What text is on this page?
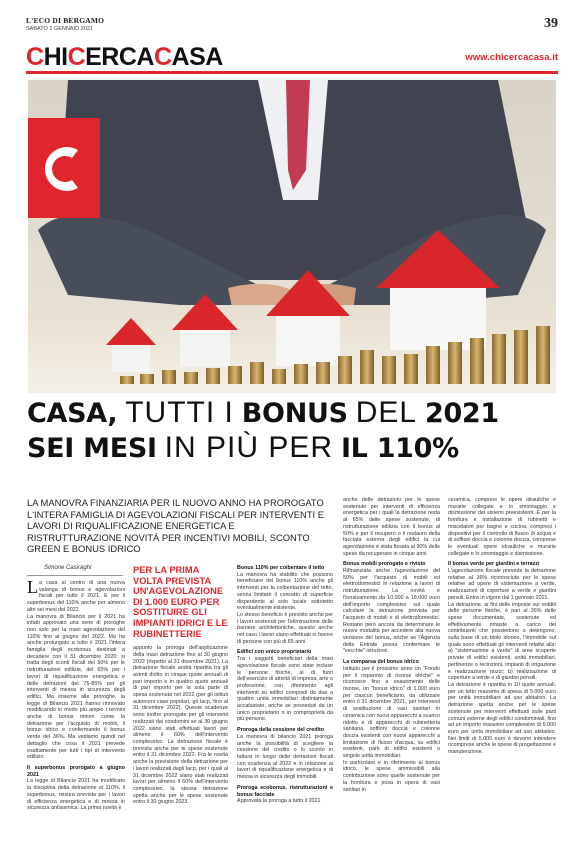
L'ECO DI BERGAMO
SABATO 2 GENNAIO 2021	39
CHICERCACASA	www.chicercacasa.it
CASA, TUTTI I BONUS DEL 2021
SEI MESI IN PIÙ PER IL 110%
LA MANOVRA FINANZIARIA PER IL NUOVO ANNO HA PROROGATO L'INTERA FAMIGLIA DI AGEVOLAZIONI FISCALI PER INTERVENTI E LAVORI DI RIQUALIFICAZIONE ENERGETICA E RISTRUTTURAZIONE NOVITÀ PER INCENTIVI MOBILI, SCONTO GREEN E BONUS IDRICO
Simone Casiraghi

La casa al centro di una nuova valanga di bonus e agevolazioni fiscali per tutto il 2021. E per il superbonus del 110% anche per almeno altri sei mesi del 2022.

La manovra di Bilancio per il 2021 ha infatti approvato una serie di proroghe non solo per la maxi agevolazione del 110% fino al giugno del 2022. Ma ha anche prolungato a tutto il 2021 l'intera famiglia degli ecobonus destinati a decadere con il 31 dicembre 2020: si tratta degli sconti fiscali del 50% per le ristrutturazioni edilizie, del 65% per i lavori di riqualificazione energetica e delle detrazioni del 75-85% per gli interventi di messa in sicurezza degli edifici. Ma insieme alle proroghe, la legge di Bilancio 2021 hanno rinnovato modificando in modo più ampio i termini anche di bonus minori come la detrazione per l'acquisto di mobili, il bonus idrico e confermando il bonus verde del 36%. Ma vediamo quindi nel dettaglio che cosa il 2021 prevede esattamente per tutti i tipi di intervento edilizio.

Il superbonus prorogato a giugno 2021

La legge di Bilancio 2021 ha modificato la disciplina della detrazione al 110%, il superbonus, misura prevista per i lavori di efficienza energetica e di messa in sicurezza antisismica. La prima novità è

PER LA PRIMA VOLTA PREVISTA UN'AGEVOLAZIONE DI 1.000 EURO PER SOSTITUIRE GLI IMPIANTI IDRICI E LE RUBINETTERIE

appunto la proroga dell'applicazione della maxi detrazione fino al 30 giugno 2022 (rispetto al 31 dicembre 2021). La detrazione fiscale andrà ripartita tra gli aventi diritto in cinque quote annuali di pari importo e in quattro quote annuali di pari importo per la sola parte di spesa sostenuta nel 2022 (per gli istituti autonomi case popolari, gli Iacp, fino al 31 dicembre 2022). Queste scadenze sono inoltre prorogate per gli interventi realizzati dai condomini se al 30 giugno 2022 siano stati effettuati lavori per almeno il 60% dell'intervento complessivo. La detrazione fiscale è prevista anche per le spese sostenute entro il 31 dicembre 2022. Fra le novità anche la previsione della detrazione per i lavori realizzati dagli Iacp, per i quali al 31 dicembre 2022 siano stati realizzati lavori per almeno il 60% dell'intervento complessivo, la stessa detrazione spetta anche per le spese sostenute entro il 30 giugno 2023.

Bonus 110% per coibentare il tetto

La manovra ha stabilito che possono beneficiare del bonus 110% anche gli interventi per la coibentazione del tetto, senza limitare il concetto di superficie disperdente al solo locale sottotetto eventualmente esistente.

Lo stesso beneficio è previsto anche per i lavori sostenuti per l'eliminazione delle barriere architettoniche, questo anche nel caso i lavori siano effettuati in favore di persone con più di 65 anni.

Edifici con unico proprietario

Tra i soggetti beneficiari della maxi agevolazione fiscale sono state incluse le persone fisiche, al di fuori dell'esercizio di attività di impresa, arte o professione, con riferimento agli interventi su edifici composti da due a quattro unità immobiliari distintamente accatastate, anche se posseduti da un unico proprietario o in comproprietà da più persone.

Proroga della cessione del credito

La manovra di bilancio 2021 proroga anche la possibilità di scegliere la cessione del credito o lo sconto in fattura in luogo delle detrazioni fiscali con scadenza al 2022 e in relazione ai lavori di riqualificazione energetica e di messa in sicurezza degli immobili.

Proroga ecobonus, ristrutturazioni e bonus facciate

Approvata la proroga a tutto il 2021

anche delle detrazioni per le spese sostenute per interventi di efficienza energetica per i quali la detrazione resta al 65% delle spese sostenute, di ristrutturazione edilizia con il bonus al 50% e per il recupero o il restauro della facciata esterna degli edifici la cui agevolazione è stata fissata al 90% delle spese da recuperare in cinque anni.

Bonus mobili prorogato e rivisto

Rifinanziata anche l'agevolazione del 50% per l'acquisto di mobili ed elettrodomestici in relazione a lavori di ristrutturazione. La novità è l'innalzamento da 10.000 a 16.000 euro dell'importo complessivo sul quale calcolare la detrazione prevista per l'acquisto di mobili e di elettrodomestici. Restano però ancora da determinare le nuove modalità per accedere alla nuova versione del bonus, anche se l'Agenzia delle Entrate possa confermare le "vecchie" istruzioni.

La comparsa del bonus idrico

Istituito per il prossimo anno un "Fondo per il risparmio di risorse idriche" e riconosce fino a esaurimento delle risorse, un "bonus idrico" di 1.000 euro per ciascun beneficiario, da utilizzare entro il 31 dicembre 2021, per interventi di sostituzione di vasi sanitari in ceramica con nuovi apparecchi a scarico ridotto e di apparecchi di rubinetteria sanitaria, soffioni doccia e colonne doccia esistenti con nuovi apparecchi a limitazione di flusso d'acqua, su edifici esistenti, parti di edifici esistenti o singole unità immobiliari.

In particolare e in riferimento al bonus idrico, le spese ammissibili alla contribuzione sono quelle sostenute per la fornitura e posa in opera di vasi sanitari in

ceramica, compresi le opere idrauliche e murarie collegate e lo smontaggio e dismissione dei sistemi preesistenti. E per la fornitura e installazione di rubinetti e miscelatori per bagno e cucina, compresi i dispositivi per il controllo di flusso di acqua e di soffioni doccia e colonne doccia, comprese le eventuali opere idrauliche e murarie collegate e lo smontaggio e dismissione.

Il bonus verde per giardini e terrazzi

L'agevolazione fiscale prevede la detrazione relative al 36% riconosciuta per le spese relative ad opere di sistemazione a verde, realizzazioni di coperture a verde e giardini pensili. Entra in vigore dal 1 gennaio 2021.

La detrazione, ai fini delle imposte sui redditi delle persone fisiche, è pari al 36% delle spese documentate, sostenute ed effettivamente rimaste a carico dei contribuenti che possiedono o detengono, sulla base di un titolo idoneo, l'immobile sul quale sono effettuati gli interventi relativi alla: a) "sistemazione a verde" di aree scoperte private di edifici esistenti, unità immobiliari, pertinenze o recinzioni, impianti di irrigazione e realizzazione pozzi; b) realizzazione di coperture a verde e di giardini pensili.

La detrazione è ripartita in 10 quote annuali, per un tetto massimo di spesa di 5.000 euro per unità immobiliare ad uso abitativo. La detrazione spetta anche per le spese sostenute per interventi effettuati sulle parti comuni esterne degli edifici condominiali, fino ad un importo massimo complessivo di 5.000 euro per unità immobiliare ad uso abitativo. Nei limiti di 5.000 euro è devono intendere ricomprese anche le spese di progettazione e manutenzione.
